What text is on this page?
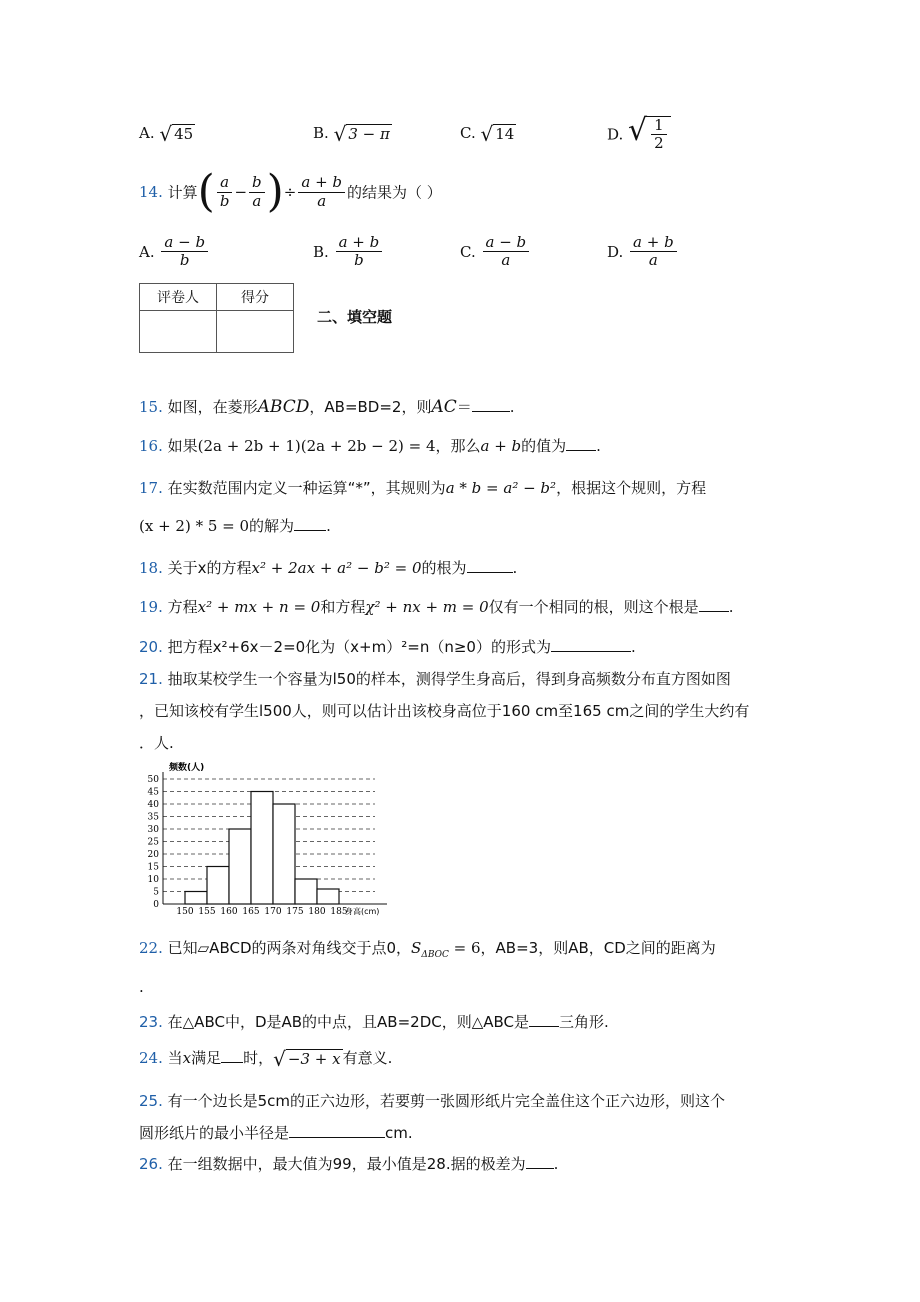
A. √ 45	B. √ 3 − π	C. √ 14	D. √ $\frac{1}{2}$
14. 计算( $\frac{a}{b} - \frac{b}{a}$ )÷ $\frac{a + b}{a}$ 的结果为（ ）
A. $\frac{a - b}{b}$	B. $\frac{a + b}{b}$	C. $\frac{a - b}{a}$	D. $\frac{a + b}{a}$
评卷人	得分

二、填空题
15. 如图，在菱形ABCD，AB=BD=2，则AC＝	.
16. 如果(2a + 2b + 1)(2a + 2b − 2) = 4，那么a + b的值为 .
17. 在实数范围内定义一种运算“*”，其规则为a * b = a² − b²，根据这个规则，方程
(x + 2) * 5 = 0的解为 .
18. 关于x的方程x² + 2ax + a² − b² = 0的根为	.
19. 方程x² + mx + n = 0和方程χ² + nx + m = 0仅有一个相同的根，则这个根是 .
20. 把方程x²+6x－2=0化为（x+m）²=n（n≥0）的形式为	.
21. 抽取某校学生一个容量为l50的样本，测得学生身高后，得到身高频数分布直方图如图
，已知该校有学生l500人，则可以估计出该校身高位于160 cm至165 cm之间的学生大约有
．人.
0
5
10
15
20
25
30
35
40
45
50
150 155 160 165 170 175 180 185
频数(人)
身高(cm)
22. 已知▱ABCD的两条对角线交于点0，$S_{\Delta BOC} = 6$，AB=3，则AB，CD之间的距离为
.
23. 在△ABC中，D是AB的中点，且AB=2DC，则△ABC是 三角形.
24. 当x满足 时， √ −3 + x 有意义.
25. 有一个边长是5cm的正六边形，若要剪一张圆形纸片完全盖住这个正六边形，则这个
圆形纸片的最小半径是	cm.
26. 在一组数据中，最大值为99，最小值是28.据的极差为 .
